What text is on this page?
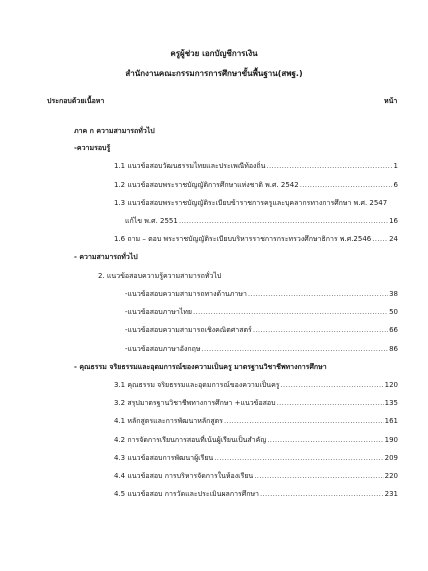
ครูผู้ช่วย เอกบัญชีการเงิน
สำนักงานคณะกรรมการการศึกษาขั้นพื้นฐาน(สพฐ.)
ประกอบด้วยเนื้อหา	หน้า
ภาค ก ความสามารถทั่วไป
-ความรอบรู้
1.1 แนวข้อสอบวัฒนธรรมไทยและประเพณีท้องถิ่น .....	1
1.2 แนวข้อสอบพระราชบัญญัติการศึกษาแห่งชาติ พ.ศ. 2542 .....	6
1.3 แนวข้อสอบพระราชบัญญัติระเบียบข้าราชการครูและบุคลากรทางการศึกษา พ.ศ. 2547
แก้ไข พ.ศ. 2551 .....	16
1.6 ถาม – ตอบ พระราชบัญญัติระเบียบบริหารราชการกระทรวงศึกษาธิการ พ.ศ.2546 .....	24
- ความสามารถทั่วไป
2. แนวข้อสอบความรู้ความสามารถทั่วไป
-แนวข้อสอบความสามารถทางด้านภาษา .....	38
-แนวข้อสอบภาษาไทย .....	50
-แนวข้อสอบความสามารถเชิงคณิตศาสตร์ .....	66
-แนวข้อสอบภาษาอังกฤษ .....	86
- คุณธรรม จริยธรรมและอุดมการณ์ของความเป็นครู มาตรฐานวิชาชีพทางการศึกษา
3.1 คุณธรรม จริยธรรมและอุดมการณ์ของความเป็นครู .....	120
3.2 สรุปมาตรฐานวิชาชีพทางการศึกษา +แนวข้อสอบ .....	135
4.1 หลักสูตรและการพัฒนาหลักสูตร .....	161
4.2 การจัดการเรียนการสอนที่เน้นผู้เรียนเป็นสำคัญ .....	190
4.3 แนวข้อสอบการพัฒนาผู้เรียน .....	209
4.4 แนวข้อสอบ การบริหารจัดการในห้องเรียน .....	220
4.5 แนวข้อสอบ การวัดและประเมินผลการศึกษา .....	231
